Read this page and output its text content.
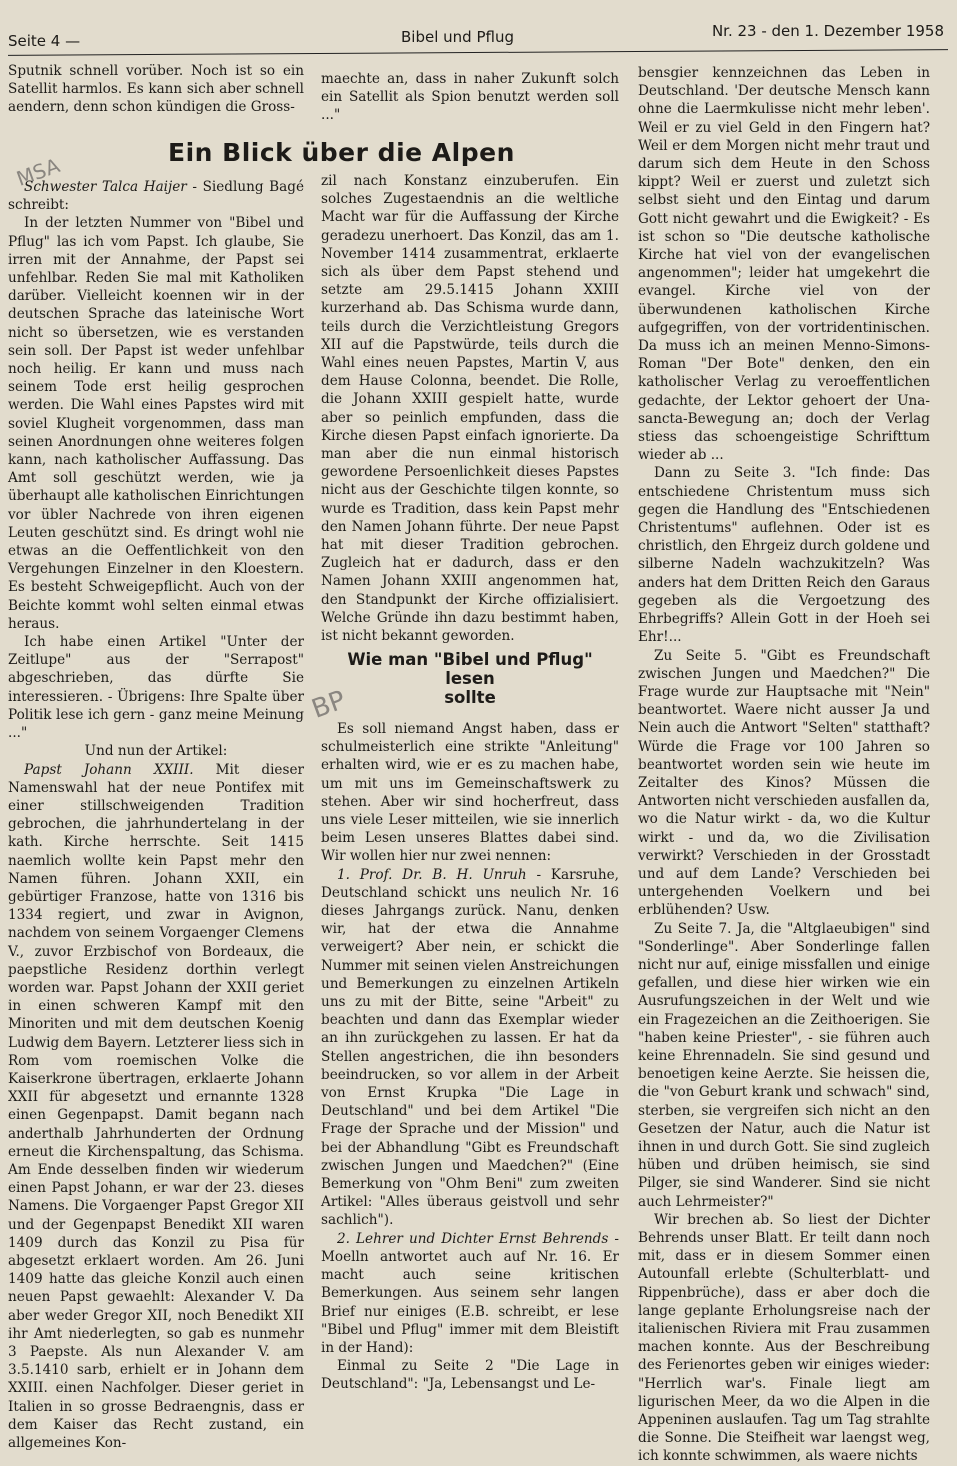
Seite 4 —	Bibel und Pflug	Nr. 23 - den 1. Dezember 1958
MSA
BP

Sputnik schnell vorüber. Noch ist so ein Satellit harmlos. Es kann sich aber schnell aendern, denn schon kündigen die Gross-

maechte an, dass in naher Zukunft solch ein Satellit als Spion benutzt werden soll ..."

Ein Blick über die Alpen

Schwester Talca Haijer - Siedlung Bagé schreibt:

In der letzten Nummer von "Bibel und Pflug" las ich vom Papst. Ich glaube, Sie irren mit der Annahme, der Papst sei unfehlbar. Reden Sie mal mit Katholiken darüber. Vielleicht koennen wir in der deutschen Sprache das lateinische Wort nicht so übersetzen, wie es verstanden sein soll. Der Papst ist weder unfehlbar noch heilig. Er kann und muss nach seinem Tode erst heilig gesprochen werden. Die Wahl eines Papstes wird mit soviel Klugheit vorgenommen, dass man seinen Anordnungen ohne weiteres folgen kann, nach katholischer Auffassung. Das Amt soll geschützt werden, wie ja überhaupt alle katholischen Einrichtungen vor übler Nachrede von ihren eigenen Leuten geschützt sind. Es dringt wohl nie etwas an die Oeffentlichkeit von den Vergehungen Einzelner in den Kloestern. Es besteht Schweigepflicht. Auch von der Beichte kommt wohl selten einmal etwas heraus.

Ich habe einen Artikel "Unter der Zeitlupe" aus der "Serrapost" abgeschrieben, das dürfte Sie interessieren. - Übrigens: Ihre Spalte über Politik lese ich gern - ganz meine Meinung ..."

Und nun der Artikel:

Papst Johann XXIII. Mit dieser Namenswahl hat der neue Pontifex mit einer stillschweigenden Tradition gebrochen, die jahrhundertelang in der kath. Kirche herrschte. Seit 1415 naemlich wollte kein Papst mehr den Namen führen. Johann XXII, ein gebürtiger Franzose, hatte von 1316 bis 1334 regiert, und zwar in Avignon, nachdem von seinem Vorgaenger Clemens V., zuvor Erzbischof von Bordeaux, die paepstliche Residenz dorthin verlegt worden war. Papst Johann der XXII geriet in einen schweren Kampf mit den Minoriten und mit dem deutschen Koenig Ludwig dem Bayern. Letzterer liess sich in Rom vom roemischen Volke die Kaiserkrone übertragen, erklaerte Johann XXII für abgesetzt und ernannte 1328 einen Gegenpapst. Damit begann nach anderthalb Jahrhunderten der Ordnung erneut die Kirchenspaltung, das Schisma. Am Ende desselben finden wir wiederum einen Papst Johann, er war der 23. dieses Namens. Die Vorgaenger Papst Gregor XII und der Gegenpapst Benedikt XII waren 1409 durch das Konzil zu Pisa für abgesetzt erklaert worden. Am 26. Juni 1409 hatte das gleiche Konzil auch einen neuen Papst gewaehlt: Alexander V. Da aber weder Gregor XII, noch Benedikt XII ihr Amt niederlegten, so gab es nunmehr 3 Paepste. Als nun Alexander V. am 3.5.1410 sarb, erhielt er in Johann dem XXIII. einen Nachfolger. Dieser geriet in Italien in so grosse Bedraengnis, dass er dem Kaiser das Recht zustand, ein allgemeines Kon-

zil nach Konstanz einzuberufen. Ein solches Zugestaendnis an die weltliche Macht war für die Auffassung der Kirche geradezu unerhoert. Das Konzil, das am 1. November 1414 zusammentrat, erklaerte sich als über dem Papst stehend und setzte am 29.5.1415 Johann XXIII kurzerhand ab. Das Schisma wurde dann, teils durch die Verzichtleistung Gregors XII auf die Papstwürde, teils durch die Wahl eines neuen Papstes, Martin V, aus dem Hause Colonna, beendet. Die Rolle, die Johann XXIII gespielt hatte, wurde aber so peinlich empfunden, dass die Kirche diesen Papst einfach ignorierte. Da man aber die nun einmal historisch gewordene Persoenlichkeit dieses Papstes nicht aus der Geschichte tilgen konnte, so wurde es Tradition, dass kein Papst mehr den Namen Johann führte. Der neue Papst hat mit dieser Tradition gebrochen. Zugleich hat er dadurch, dass er den Namen Johann XXIII angenommen hat, den Standpunkt der Kirche offizialisiert. Welche Gründe ihn dazu bestimmt haben, ist nicht bekannt geworden.

Wie man "Bibel und Pflug" lesen
sollte

Es soll niemand Angst haben, dass er schulmeisterlich eine strikte "Anleitung" erhalten wird, wie er es zu machen habe, um mit uns im Gemeinschaftswerk zu stehen. Aber wir sind hocherfreut, dass uns viele Leser mitteilen, wie sie innerlich beim Lesen unseres Blattes dabei sind. Wir wollen hier nur zwei nennen:

1. Prof. Dr. B. H. Unruh - Karsruhe, Deutschland schickt uns neulich Nr. 16 dieses Jahrgangs zurück. Nanu, denken wir, hat der etwa die Annahme verweigert? Aber nein, er schickt die Nummer mit seinen vielen Anstreichungen und Bemerkungen zu einzelnen Artikeln uns zu mit der Bitte, seine "Arbeit" zu beachten und dann das Exemplar wieder an ihn zurückgehen zu lassen. Er hat da Stellen angestrichen, die ihn besonders beeindrucken, so vor allem in der Arbeit von Ernst Krupka "Die Lage in Deutschland" und bei dem Artikel "Die Frage der Sprache und der Mission" und bei der Abhandlung "Gibt es Freundschaft zwischen Jungen und Maedchen?" (Eine Bemerkung von "Ohm Beni" zum zweiten Artikel: "Alles überaus geistvoll und sehr sachlich").

2. Lehrer und Dichter Ernst Behrends - Moelln antwortet auch auf Nr. 16. Er macht auch seine kritischen Bemerkungen. Aus seinem sehr langen Brief nur einiges (E.B. schreibt, er lese "Bibel und Pflug" immer mit dem Bleistift in der Hand):

Einmal zu Seite 2 "Die Lage in Deutschland": "Ja, Lebensangst und Le-

bensgier kennzeichnen das Leben in Deutschland. 'Der deutsche Mensch kann ohne die Laermkulisse nicht mehr leben'. Weil er zu viel Geld in den Fingern hat? Weil er dem Morgen nicht mehr traut und darum sich dem Heute in den Schoss kippt? Weil er zuerst und zuletzt sich selbst sieht und den Eintag und darum Gott nicht gewahrt und die Ewigkeit? - Es ist schon so "Die deutsche katholische Kirche hat viel von der evangelischen angenommen"; leider hat umgekehrt die evangel. Kirche viel von der überwundenen katholischen Kirche aufgegriffen, von der vortridentinischen. Da muss ich an meinen Menno-Simons-Roman "Der Bote" denken, den ein katholischer Verlag zu veroeffentlichen gedachte, der Lektor gehoert der Una-sancta-Bewegung an; doch der Verlag stiess das schoengeistige Schrifttum wieder ab ...

Dann zu Seite 3. "Ich finde: Das entschiedene Christentum muss sich gegen die Handlung des "Entschiedenen Christentums" auflehnen. Oder ist es christlich, den Ehrgeiz durch goldene und silberne Nadeln wachzukitzeln? Was anders hat dem Dritten Reich den Garaus gegeben als die Vergoetzung des Ehrbegriffs? Allein Gott in der Hoeh sei Ehr!...

Zu Seite 5. "Gibt es Freundschaft zwischen Jungen und Maedchen?" Die Frage wurde zur Hauptsache mit "Nein" beantwortet. Waere nicht ausser Ja und Nein auch die Antwort "Selten" statthaft? Würde die Frage vor 100 Jahren so beantwortet worden sein wie heute im Zeitalter des Kinos? Müssen die Antworten nicht verschieden ausfallen da, wo die Natur wirkt - da, wo die Kultur wirkt - und da, wo die Zivilisation verwirkt? Verschieden in der Grosstadt und auf dem Lande? Verschieden bei untergehenden Voelkern und bei erblühenden? Usw.

Zu Seite 7. Ja, die "Altglaeubigen" sind "Sonderlinge". Aber Sonderlinge fallen nicht nur auf, einige missfallen und einige gefallen, und diese hier wirken wie ein Ausrufungszeichen in der Welt und wie ein Fragezeichen an die Zeithoerigen. Sie "haben keine Priester", - sie führen auch keine Ehrennadeln. Sie sind gesund und benoetigen keine Aerzte. Sie heissen die, die "von Geburt krank und schwach" sind, sterben, sie vergreifen sich nicht an den Gesetzen der Natur, auch die Natur ist ihnen in und durch Gott. Sie sind zugleich hüben und drüben heimisch, sie sind Pilger, sie sind Wanderer. Sind sie nicht auch Lehrmeister?"

Wir brechen ab. So liest der Dichter Behrends unser Blatt. Er teilt dann noch mit, dass er in diesem Sommer einen Autounfall erlebte (Schulterblatt- und Rippenbrüche), dass er aber doch die lange geplante Erholungsreise nach der italienischen Riviera mit Frau zusammen machen konnte. Aus der Beschreibung des Ferienortes geben wir einiges wieder: "Herrlich war's. Finale liegt am ligurischen Meer, da wo die Alpen in die Appeninen auslaufen. Tag um Tag strahlte die Sonne. Die Steifheit war laengst weg, ich konnte schwimmen, als waere nichts
